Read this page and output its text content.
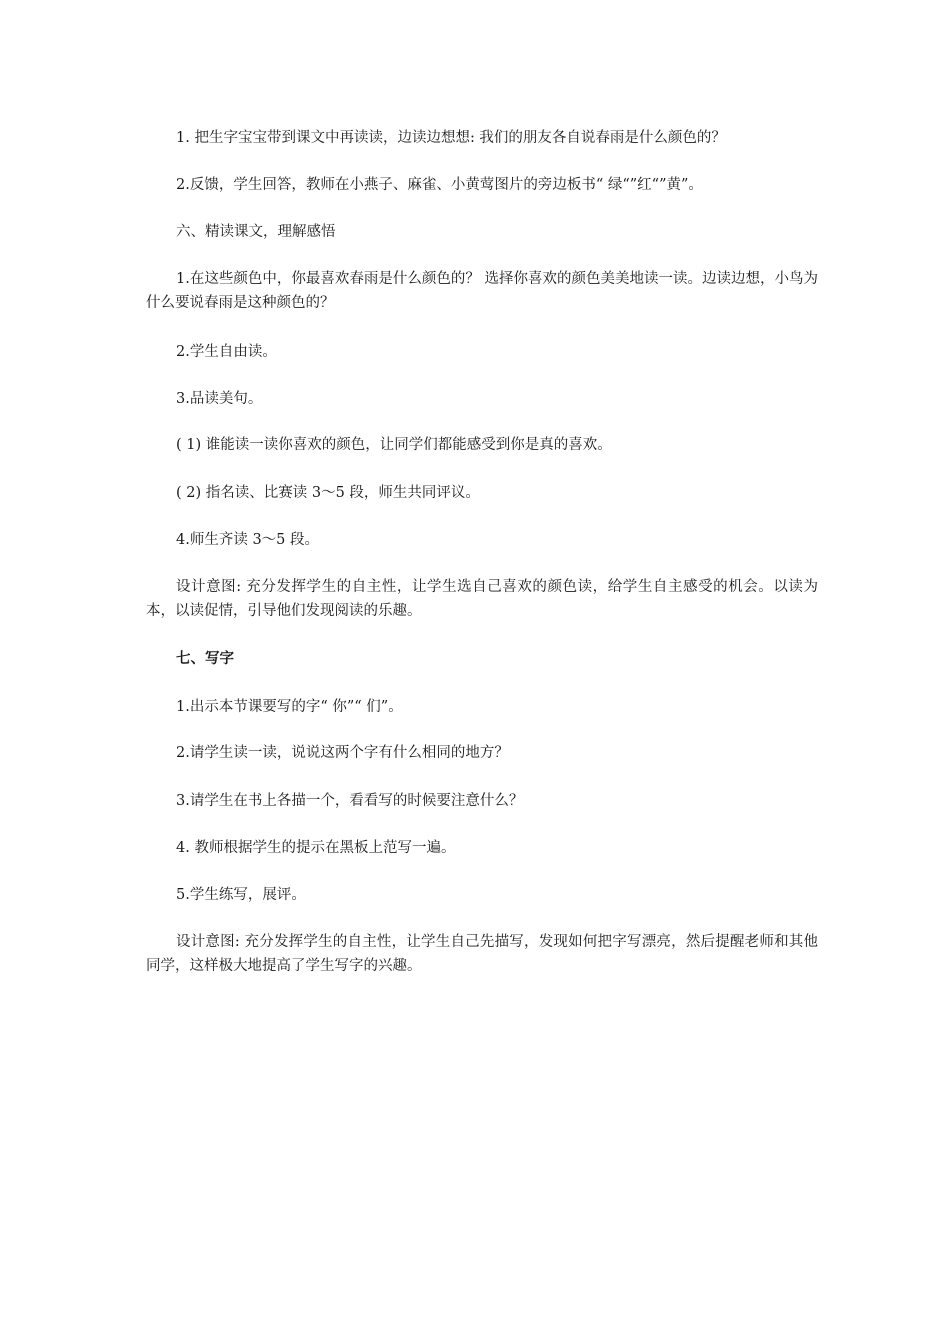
1. 把生字宝宝带到课文中再读读，边读边想想: 我们的朋友各自说春雨是什么颜色的？
2.反馈，学生回答，教师在小燕子、麻雀、小黄莺图片的旁边板书“ 绿“”红“”黄”。
六、精读课文，理解感悟
1.在这些颜色中，你最喜欢春雨是什么颜色的？ 选择你喜欢的颜色美美地读一读。边读边想，小鸟为什么要说春雨是这种颜色的？
2.学生自由读。
3.品读美句。
( 1) 谁能读一读你喜欢的颜色，让同学们都能感受到你是真的喜欢。
( 2) 指名读、比赛读 3～5 段，师生共同评议。
4.师生齐读 3～5 段。
设计意图: 充分发挥学生的自主性，让学生选自己喜欢的颜色读，给学生自主感受的机会。以读为本，以读促情，引导他们发现阅读的乐趣。
七、写字
1.出示本节课要写的字“ 你”“ 们”。
2.请学生读一读，说说这两个字有什么相同的地方？
3.请学生在书上各描一个，看看写的时候要注意什么？
4. 教师根据学生的提示在黑板上范写一遍。
5.学生练写，展评。
设计意图: 充分发挥学生的自主性，让学生自己先描写，发现如何把字写漂亮，然后提醒老师和其他同学，这样极大地提高了学生写字的兴趣。
